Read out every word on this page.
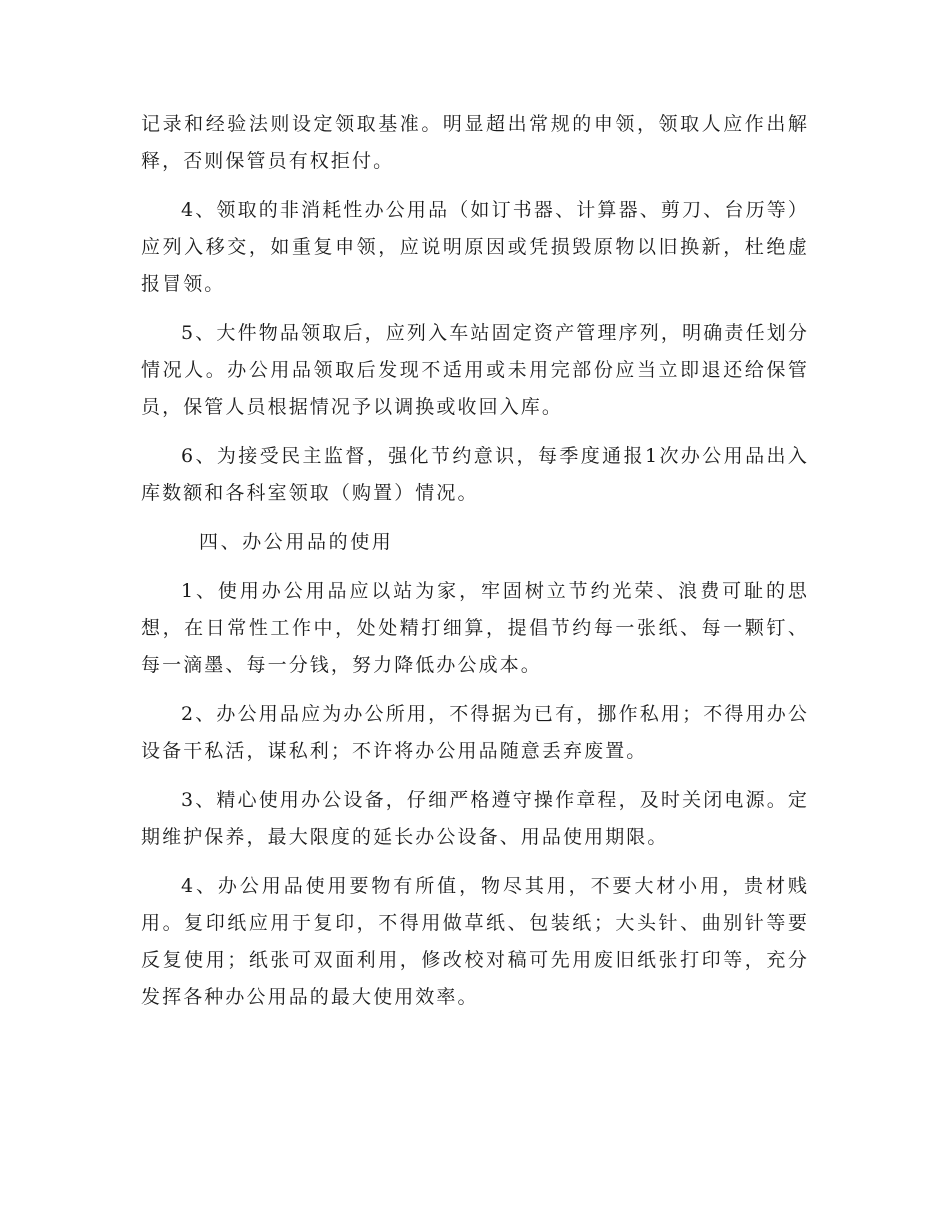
记录和经验法则设定领取基准。明显超出常规的申领，领取人应作出解释，否则保管员有权拒付。

4、领取的非消耗性办公用品（如订书器、计算器、剪刀、台历等）应列入移交，如重复申领，应说明原因或凭损毁原物以旧换新，杜绝虚报冒领。

5、大件物品领取后，应列入车站固定资产管理序列，明确责任划分情况人。办公用品领取后发现不适用或未用完部份应当立即退还给保管员，保管人员根据情况予以调换或收回入库。

6、为接受民主监督，强化节约意识，每季度通报1次办公用品出入库数额和各科室领取（购置）情况。

四、办公用品的使用

1、使用办公用品应以站为家，牢固树立节约光荣、浪费可耻的思想，在日常性工作中，处处精打细算，提倡节约每一张纸、每一颗钉、每一滴墨、每一分钱，努力降低办公成本。

2、办公用品应为办公所用，不得据为已有，挪作私用；不得用办公设备干私活，谋私利；不许将办公用品随意丢弃废置。

3、精心使用办公设备，仔细严格遵守操作章程，及时关闭电源。定期维护保养，最大限度的延长办公设备、用品使用期限。

4、办公用品使用要物有所值，物尽其用，不要大材小用，贵材贱用。复印纸应用于复印，不得用做草纸、包装纸；大头针、曲别针等要反复使用；纸张可双面利用，修改校对稿可先用废旧纸张打印等，充分发挥各种办公用品的最大使用效率。
